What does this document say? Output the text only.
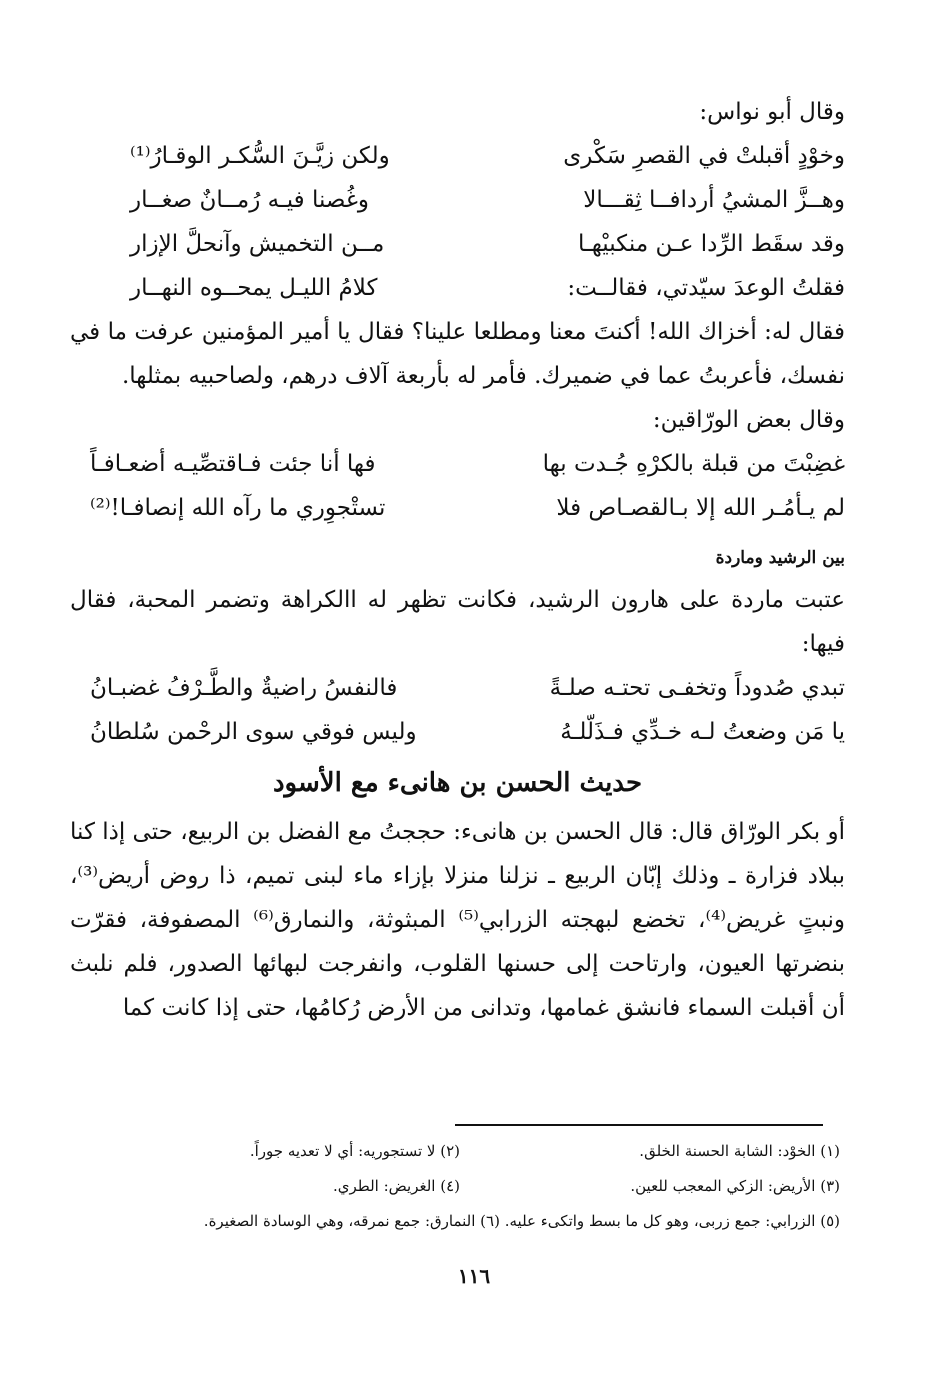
وقال أبو نواس:
وخوْدٍ أقبلتْ في القصرِ سَكْرى
ولكن زيَّـنَ السُّكـر الوقـارُ⁽¹⁾
وهــزَّ المشيُ أردافــا ثِقـــالا
وغُصنا فيـه رُمــانٌ صغــار
وقد سقَط الرِّدا عـن منكبيْهـا
مــن التخميش وآنحلَّ الإزار
فقلتُ الوعدَ سيّدتي، فقالــت:
كلامُ الليـل يمحــوه النهــار
فقال له: أخزاك الله! أكنتَ معنا ومطلعا علينا؟ فقال يا أمير المؤمنين عرفت ما في نفسك، فأعربتُ عما في ضميرك. فأمر له بأربعة آلاف درهم، ولصاحبيه بمثلها.
وقال بعض الورّاقين:
غضِبْتَ من قبلة بالكرْهِ جُـدت بها
فها أنا جئت فـاقتصِّيـه أضعـافـاً
لم يـأمُـر الله إلا بـالقصـاص فلا
تستْجوِري ما رآه الله إنصافـا!⁽²⁾
بين الرشيد وماردة
عتبت ماردة على هارون الرشيد، فكانت تظهر له االكراهة وتضمر المحبة، فقال فيها:
تبدي صُدوداً وتخفـى تحتـه صلـةً
فالنفسُ راضيةٌ والطَّـرْفُ غضبـانُ
يا مَن وضعتُ لـه خـدِّي فـذَلّلـهُ
وليس فوقي سوى الرحْمن سُلطانُ
حديث الحسن بن هانىء مع الأسود
أو بكر الورّاق قال: قال الحسن بن هانىء: حججتُ مع الفضل بن الربيع، حتى إذا كنا ببلاد فزارة ـ وذلك إبّان الربيع ـ نزلنا منزلا بإزاء ماء لبنى تميم، ذا روض أريض⁽³⁾، ونبتٍ غريض⁽⁴⁾، تخضع لبهجته الزرابي⁽⁵⁾ المبثوثة، والنمارق⁽⁶⁾ المصفوفة، فقرّت بنضرتها العيون، وارتاحت إلى حسنها القلوب، وانفرجت لبهائها الصدور، فلم نلبث أن أقبلت السماء فانشق غمامها، وتدانى من الأرض رُكامُها، حتى إذا كانت كما
(١) الخوْد: الشابة الحسنة الخلق.
(٢) لا تستجوريه: أي لا تعديه جوراً.
(٣) الأريض: الزكي المعجب للعين.
(٤) الغريض: الطري.
(٥) الزرابي: جمع زربى، وهو كل ما بسط واتكىء عليه. (٦) النمارق: جمع نمرقه، وهي الوسادة الصغيرة.
١١٦
